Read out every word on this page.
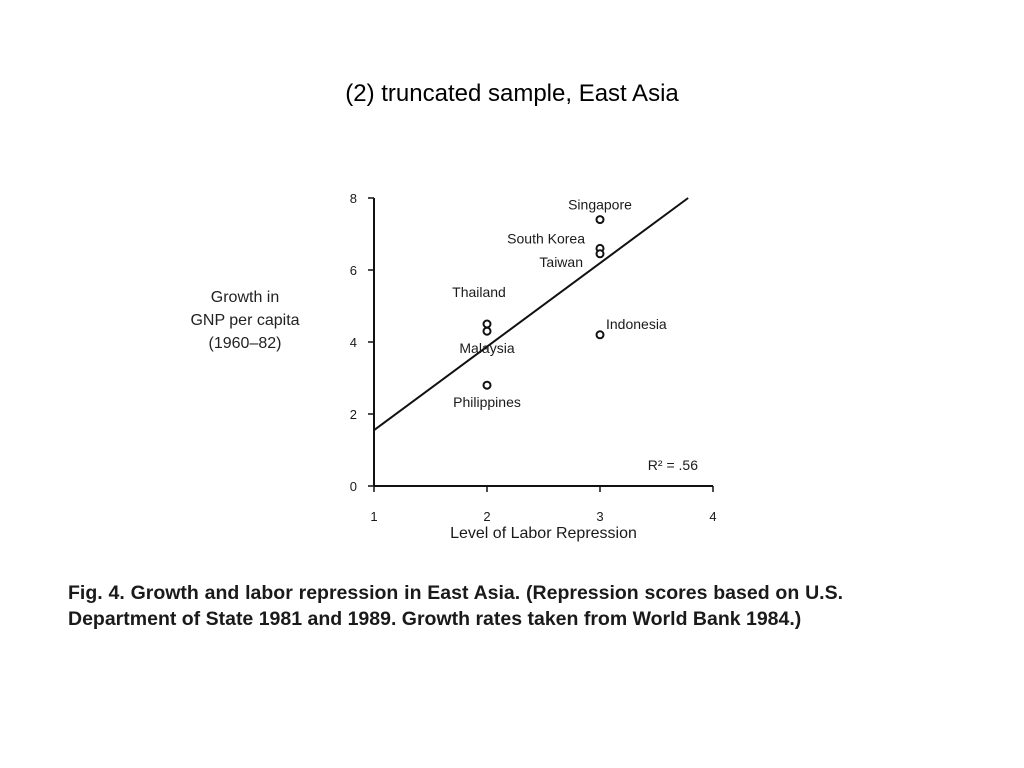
(2) truncated sample, East Asia
0
2
4
6
8
1	2	3	4
Level of Labor Repression
Singapore
South Korea
Taiwan
Indonesia
Thailand
Malaysia
Philippines
R² = .56
Growth in
GNP per capita
(1960–82)
Fig. 4. Growth and labor repression in East Asia. (Repression scores based on U.S. Department of State 1981 and 1989. Growth rates taken from World Bank 1984.)
